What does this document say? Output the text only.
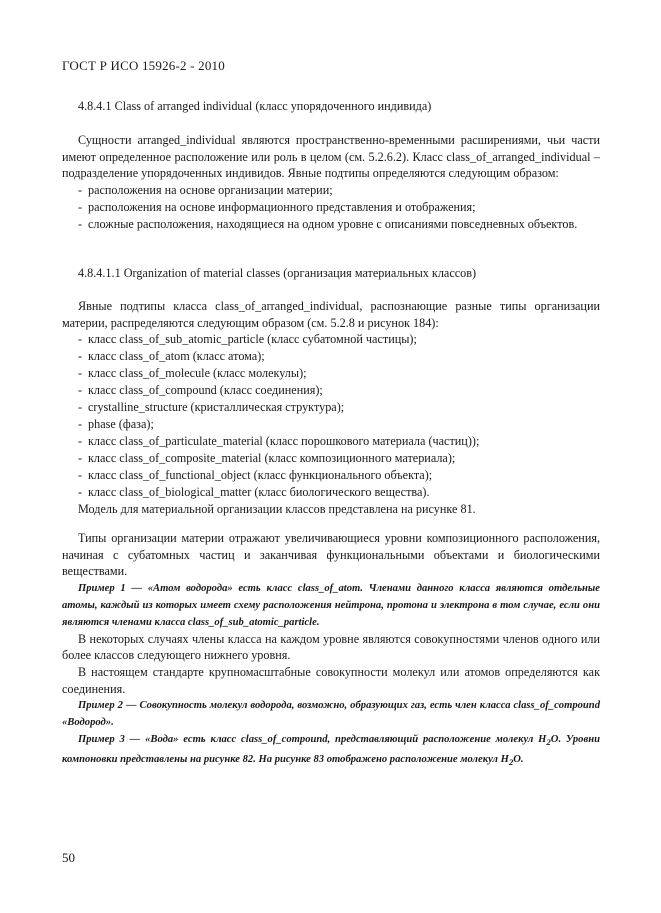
ГОСТ Р ИСО 15926-2 - 2010
4.8.4.1 Class of arranged individual (класс упорядоченного индивида)

Сущности arranged_individual являются пространственно-временными расширениями, чьи части имеют определенное расположение или роль в целом (см. 5.2.6.2). Класс class_of_arranged_individual – подразделение упорядоченных индивидов. Явные подтипы определяются следующим образом:

- расположения на основе организации материи;
- расположения на основе информационного представления и отображения;
- сложные расположения, находящиеся на одном уровне с описаниями повседневных объектов.
4.8.4.1.1 Organization of material classes (организация материальных классов)

Явные подтипы класса class_of_arranged_individual, распознающие разные типы организации материи, распределяются следующим образом (см. 5.2.8 и рисунок 184):

- класс class_of_sub_atomic_particle (класс субатомной частицы);
- класс class_of_atom (класс атома);
- класс class_of_molecule (класс молекулы);
- класс class_of_compound (класс соединения);
- crystalline_structure (кристаллическая структура);
- phase (фаза);
- класс class_of_particulate_material (класс порошкового материала (частиц));
- класс class_of_composite_material (класс композиционного материала);
- класс class_of_functional_object (класс функционального объекта);
- класс class_of_biological_matter (класс биологического вещества).

Модель для материальной организации классов представлена на рисунке 81.

Типы организации материи отражают увеличивающиеся уровни композиционного расположения, начиная с субатомных частиц и заканчивая функциональными объектами и биологическими веществами.

Пример 1 — «Атом водорода» есть класс class_of_atom. Членами данного класса являются отдельные атомы, каждый из которых имеет схему расположения нейтрона, протона и электрона в том случае, если они являются членами класса class_of_sub_atomic_particle.

В некоторых случаях члены класса на каждом уровне являются совокупностями членов одного или более классов следующего нижнего уровня.

В настоящем стандарте крупномасштабные совокупности молекул или атомов определяются как соединения.

Пример 2 — Совокупность молекул водорода, возможно, образующих газ, есть член класса class_of_compound «Водород».

Пример 3 — «Вода» есть класс class_of_compound, представляющий расположение молекул $H_2O$. Уровни компоновки представлены на рисунке 82. На рисунке 83 отображено расположение молекул $H_2O$.

50
